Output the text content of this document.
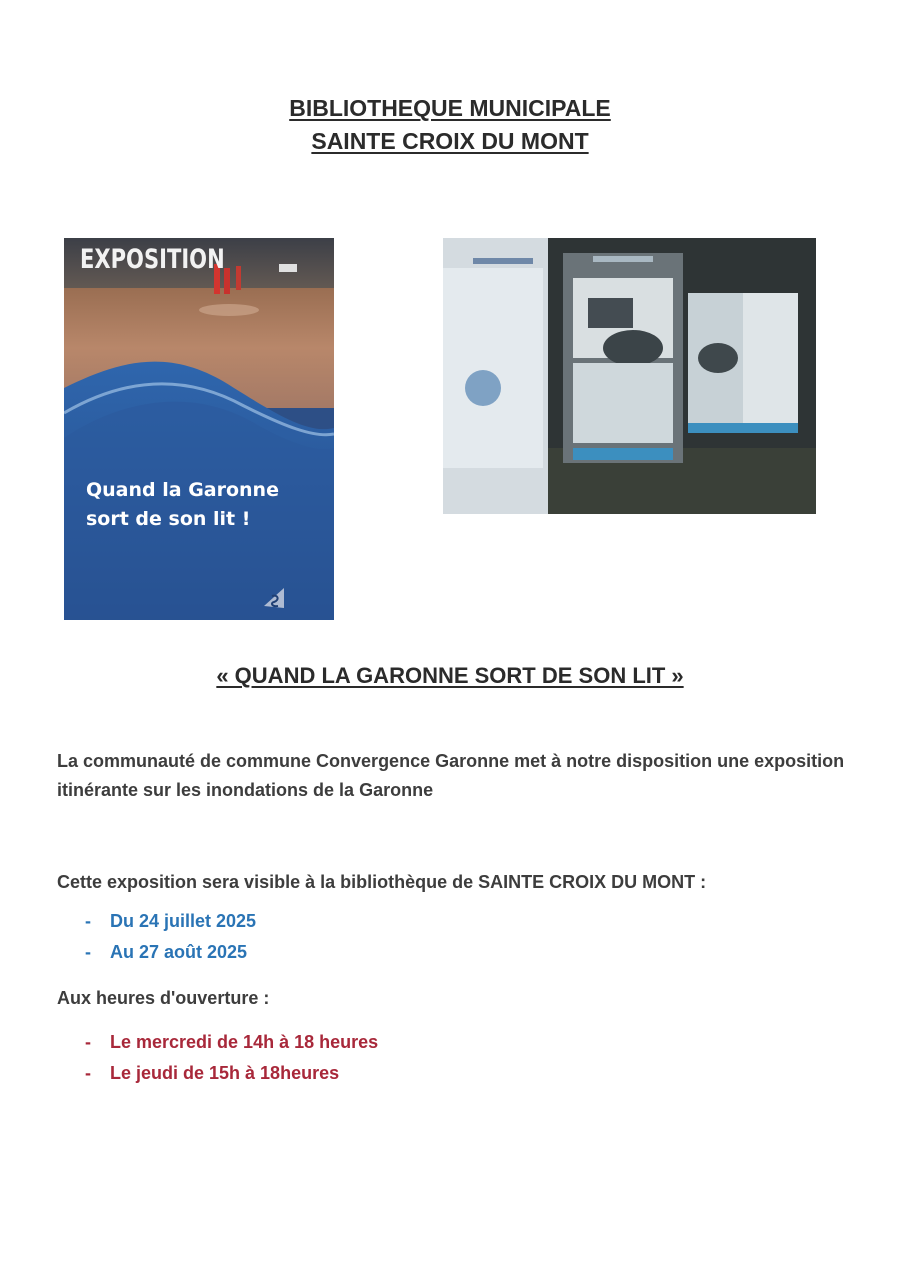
BIBLIOTHEQUE MUNICIPALE
SAINTE CROIX DU MONT
EXPOSITION
Quand la Garonne sort de son lit !
« QUAND LA GARONNE SORT DE SON LIT »
La communauté de commune Convergence Garonne met à notre disposition une exposition itinérante sur les inondations de la Garonne
Cette exposition sera visible à la bibliothèque de SAINTE CROIX DU MONT :
- Du 24 juillet 2025
- Au 27 août 2025
Aux heures d'ouverture :
- Le mercredi de 14h à 18 heures
- Le jeudi de 15h à 18heures
